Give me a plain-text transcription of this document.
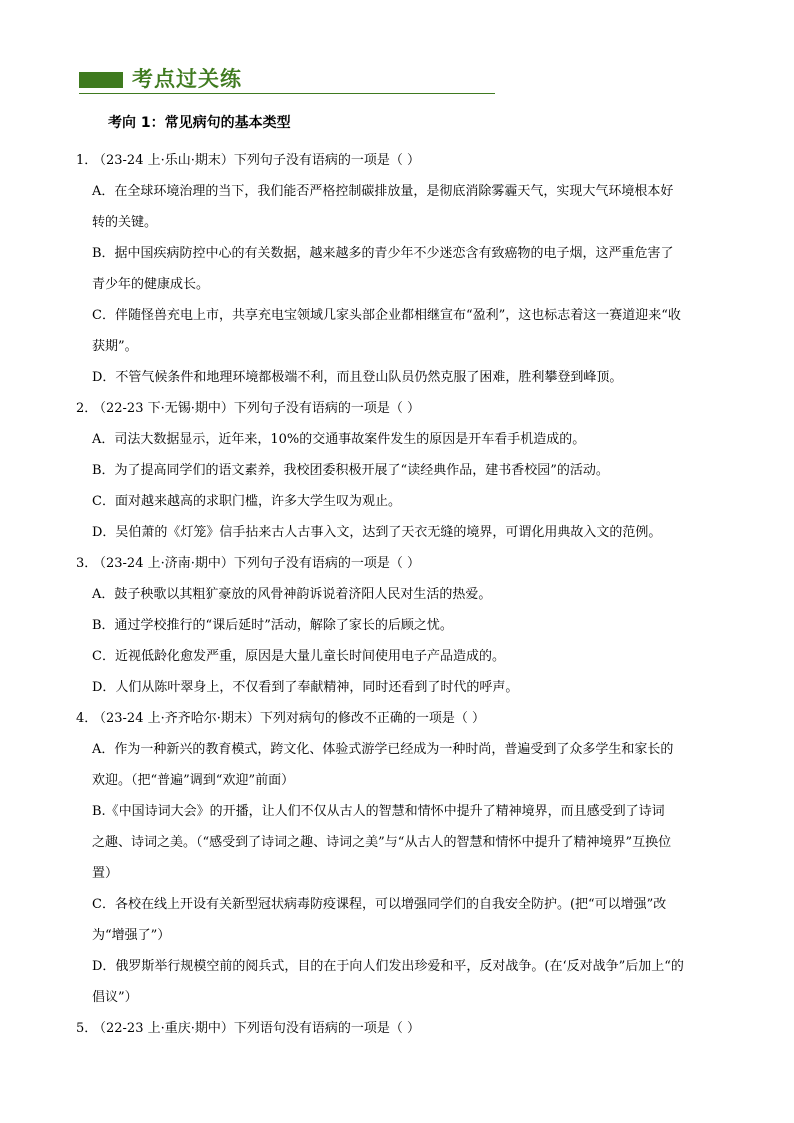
考点过关练
考向 1：常见病句的基本类型
1．（23-24 上·乐山·期末）下列句子没有语病的一项是（ ）
A．在全球环境治理的当下，我们能否严格控制碳排放量，是彻底消除雾霾天气，实现大气环境根本好
转的关键。
B．据中国疾病防控中心的有关数据，越来越多的青少年不少迷恋含有致癌物的电子烟，这严重危害了
青少年的健康成长。
C．伴随怪兽充电上市，共享充电宝领域几家头部企业都相继宣布“盈利”，这也标志着这一赛道迎来“收
获期”。
D．不管气候条件和地理环境都极端不利，而且登山队员仍然克服了困难，胜利攀登到峰顶。
2．（22-23 下·无锡·期中）下列句子没有语病的一项是（ ）
A．司法大数据显示，近年来，10%的交通事故案件发生的原因是开车看手机造成的。
B．为了提高同学们的语文素养，我校团委积极开展了“读经典作品，建书香校园”的活动。
C．面对越来越高的求职门槛，许多大学生叹为观止。
D．吴伯萧的《灯笼》信手拈来古人古事入文，达到了天衣无缝的境界，可谓化用典故入文的范例。
3．（23-24 上·济南·期中）下列句子没有语病的一项是（ ）
A．鼓子秧歌以其粗犷豪放的风骨神韵诉说着济阳人民对生活的热爱。
B．通过学校推行的“课后延时”活动，解除了家长的后顾之忧。
C．近视低龄化愈发严重，原因是大量儿童长时间使用电子产品造成的。
D．人们从陈叶翠身上，不仅看到了奉献精神，同时还看到了时代的呼声。
4．（23-24 上·齐齐哈尔·期末）下列对病句的修改不正确的一项是（ ）
A．作为一种新兴的教育模式，跨文化、体验式游学已经成为一种时尚，普遍受到了众多学生和家长的
欢迎。（把“普遍”调到“欢迎”前面）
B.《中国诗词大会》的开播，让人们不仅从古人的智慧和情怀中提升了精神境界，而且感受到了诗词
之趣、诗词之美。（“感受到了诗词之趣、诗词之美”与“从古人的智慧和情怀中提升了精神境界”互换位
置）
C．各校在线上开设有关新型冠状病毒防疫课程，可以增强同学们的自我安全防护。(把“可以增强”改
为“增强了”）
D．俄罗斯举行规模空前的阅兵式，目的在于向人们发出珍爱和平，反对战争。(在‘反对战争”后加上“的
倡议”）
5．（22-23 上·重庆·期中）下列语句没有语病的一项是（ ）
